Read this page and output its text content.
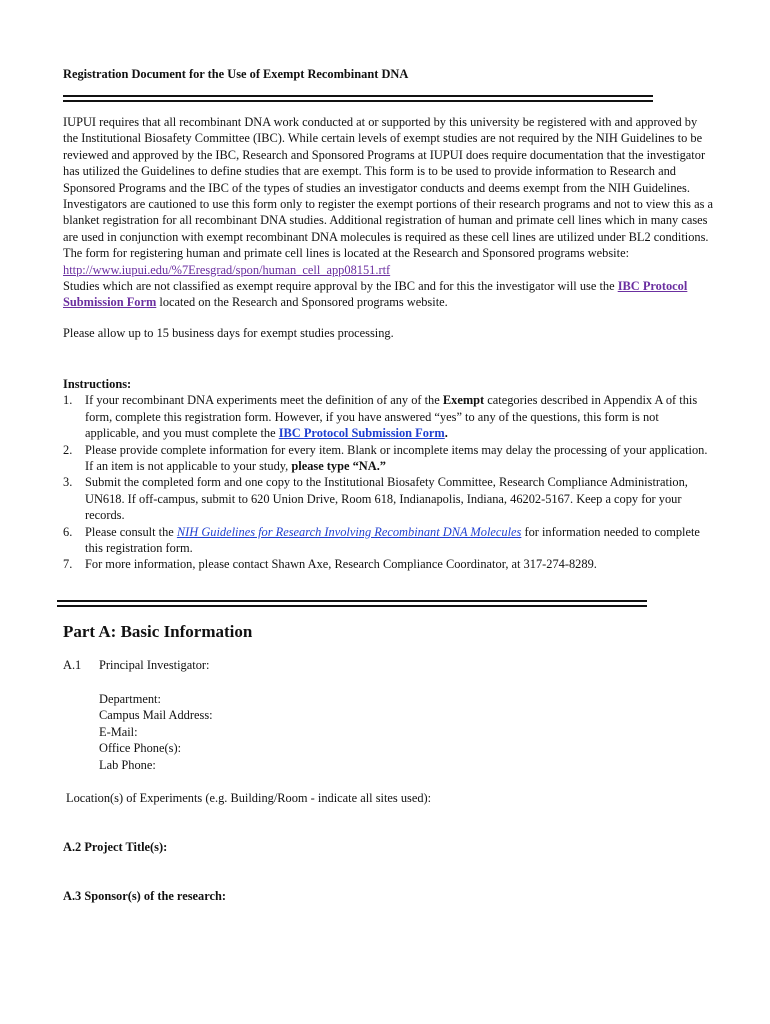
Registration Document for the Use of Exempt Recombinant DNA

IUPUI requires that all recombinant DNA work conducted at or supported by this university be registered with and approved by the Institutional Biosafety Committee (IBC). While certain levels of exempt studies are not required by the NIH Guidelines to be reviewed and approved by the IBC, Research and Sponsored Programs at IUPUI does require documentation that the investigator has utilized the Guidelines to define studies that are exempt. This form is to be used to provide information to Research and Sponsored Programs and the IBC of the types of studies an investigator conducts and deems exempt from the NIH Guidelines. Investigators are cautioned to use this form only to register the exempt portions of their research programs and not to view this as a blanket registration for all recombinant DNA studies. Additional registration of human and primate cell lines which in many cases are used in conjunction with exempt recombinant DNA molecules is required as these cell lines are utilized under BL2 conditions. The form for registering human and primate cell lines is located at the Research and Sponsored programs website: http://www.iupui.edu/%7Eresgrad/spon/human_cell_app08151.rtf

Studies which are not classified as exempt require approval by the IBC and for this the investigator will use the IBC Protocol Submission Form located on the Research and Sponsored programs website.

Please allow up to 15 business days for exempt studies processing.

Instructions:
1.	If your recombinant DNA experiments meet the definition of any of the Exempt categories described in Appendix A of this form, complete this registration form. However, if you have answered “yes” to any of the questions, this form is not applicable, and you must complete the IBC Protocol Submission Form.
2.	Please provide complete information for every item. Blank or incomplete items may delay the processing of your application. If an item is not applicable to your study, please type “NA.”
3.	Submit the completed form and one copy to the Institutional Biosafety Committee, Research Compliance Administration, UN618. If off-campus, submit to 620 Union Drive, Room 618, Indianapolis, Indiana, 46202-5167. Keep a copy for your records.
6.	Please consult the NIH Guidelines for Research Involving Recombinant DNA Molecules for information needed to complete this registration form.
7.	For more information, please contact Shawn Axe, Research Compliance Coordinator, at 317-274-8289.
Part A: Basic Information
A.1 Principal Investigator:
Department:
Campus Mail Address:
E-Mail:
Office Phone(s):
Lab Phone:
Location(s) of Experiments (e.g. Building/Room - indicate all sites used):
A.2 Project Title(s):
A.3 Sponsor(s) of the research:
